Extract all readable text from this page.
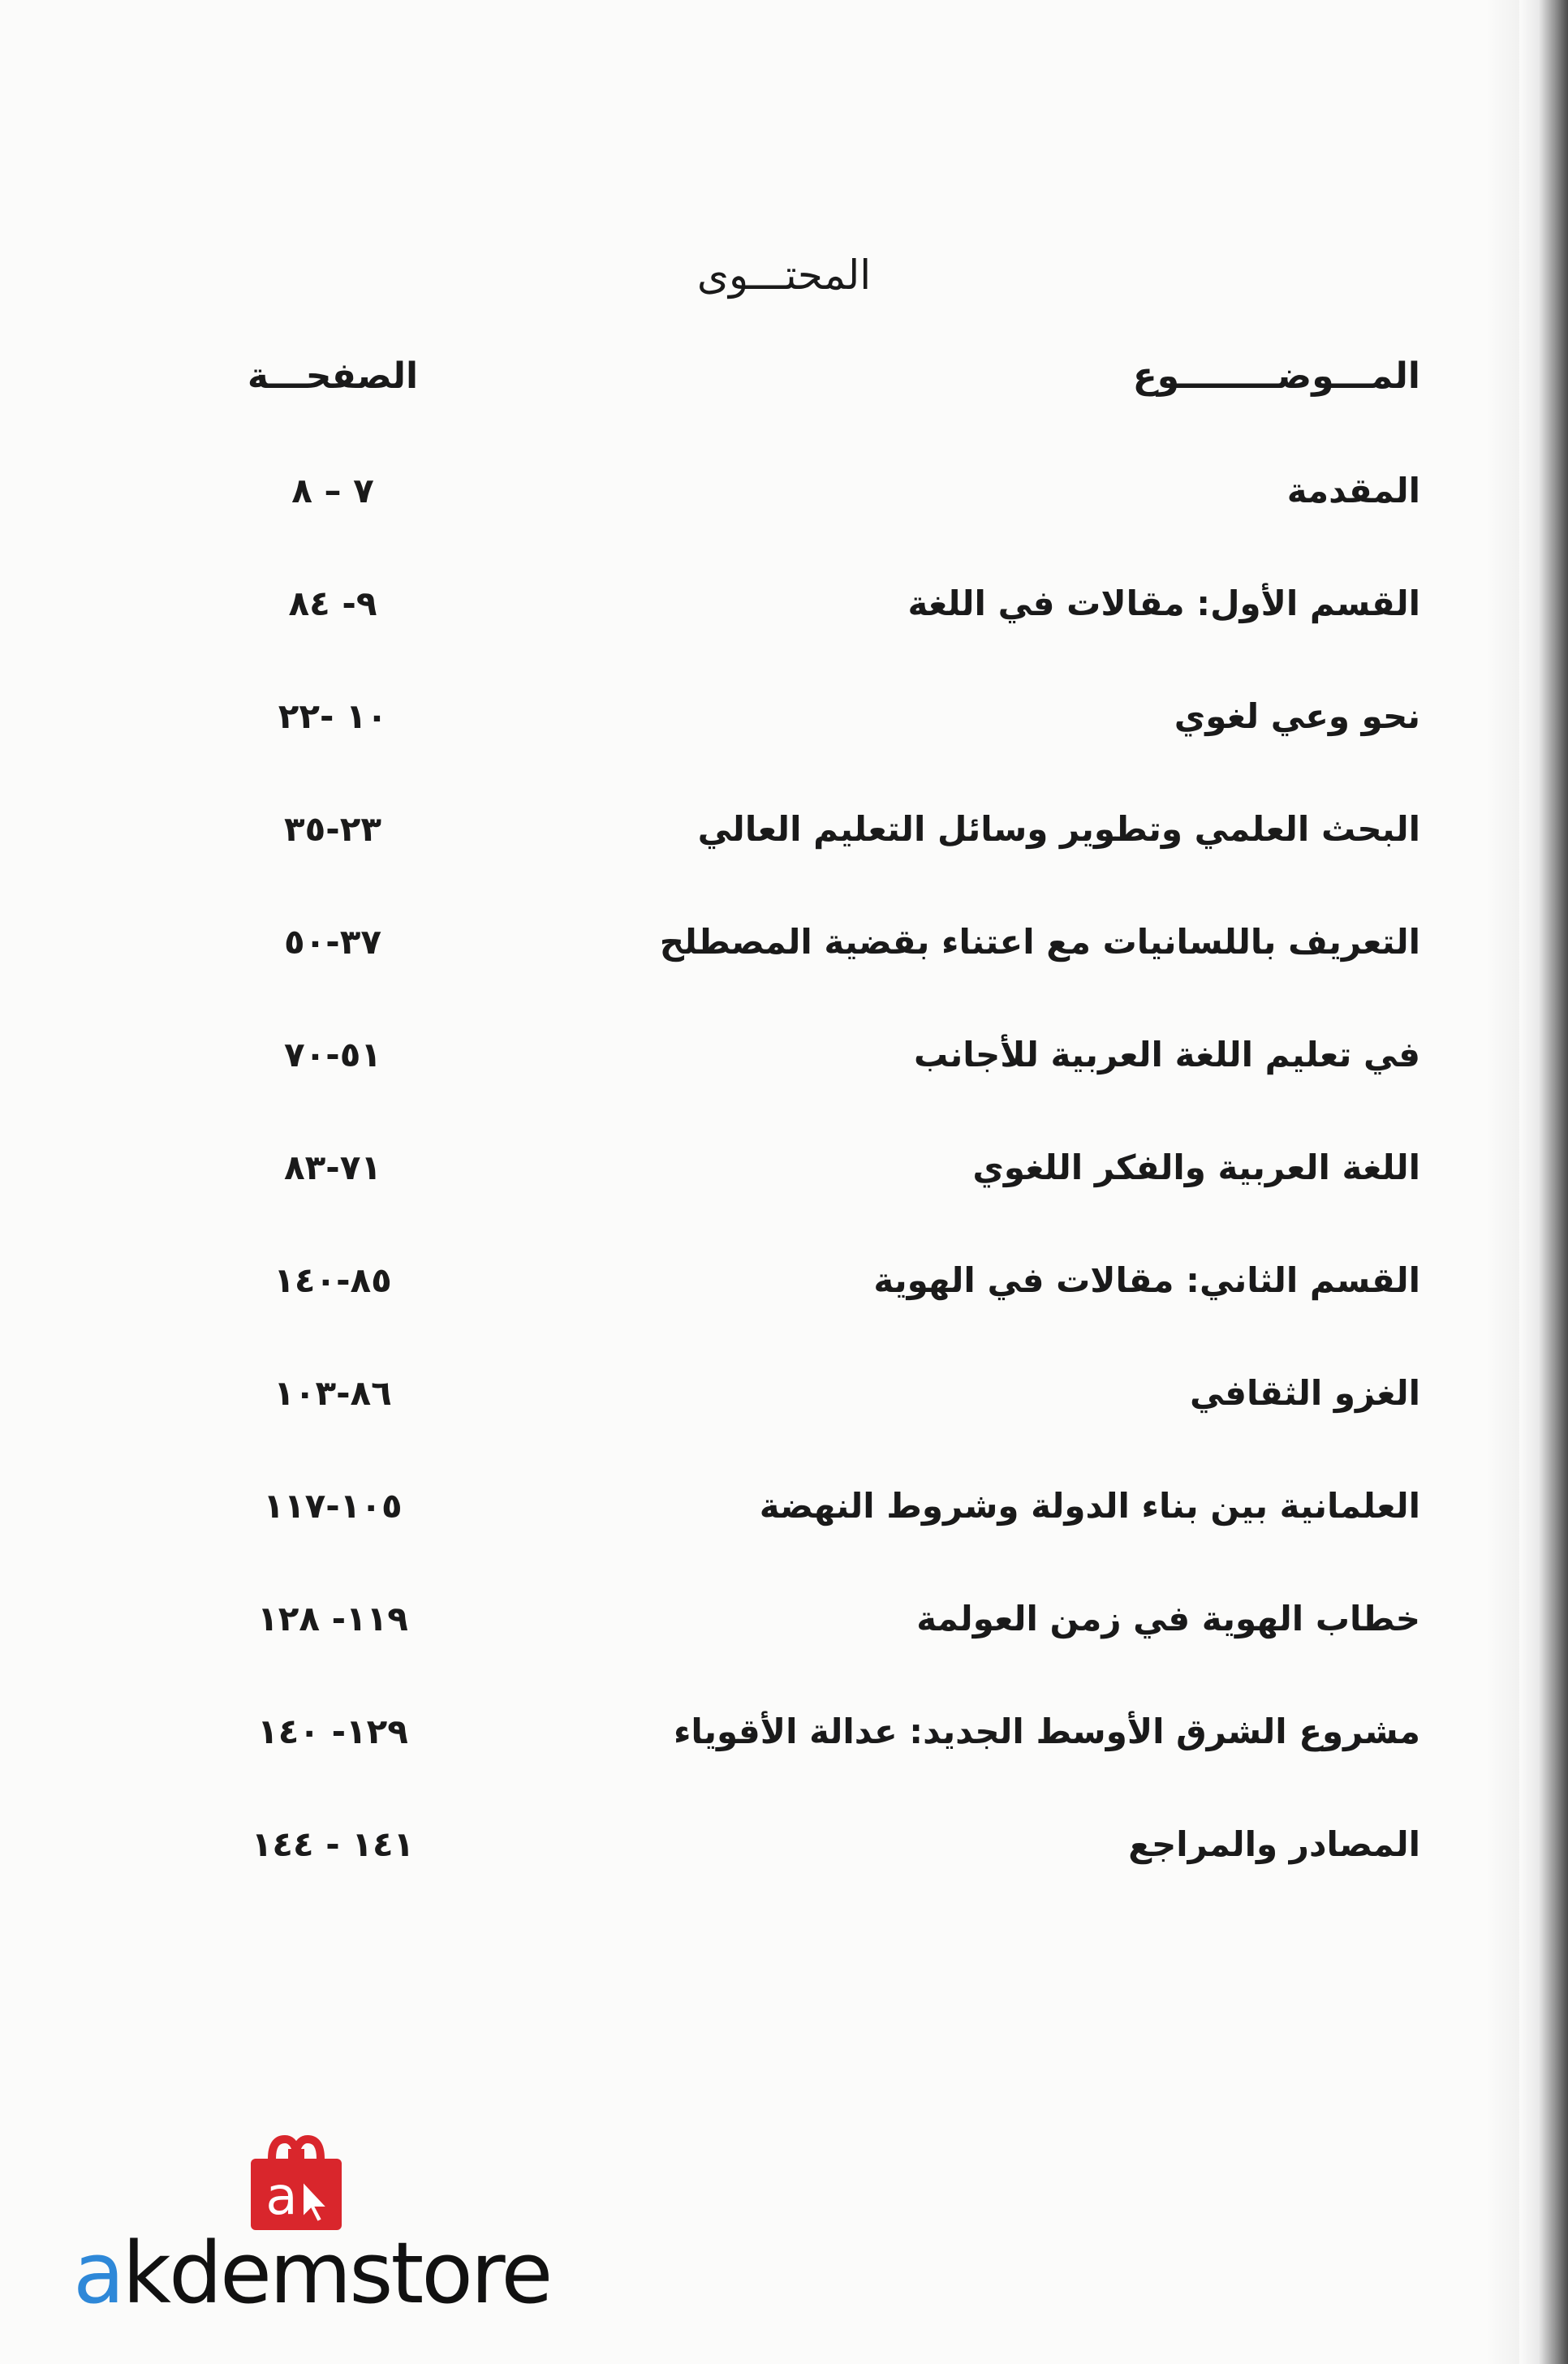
المحتـــوى
المـــوضــــــــوع
الصفحـــة
المقدمة
٧ – ٨
القسم الأول: مقالات في اللغة
٩- ٨٤
نحو وعي لغوي
١٠ -٢٢
البحث العلمي وتطوير وسائل التعليم العالي
٢٣-٣٥
التعريف باللسانيات مع اعتناء بقضية المصطلح
٣٧-٥٠
في تعليم اللغة العربية للأجانب
٥١-٧٠
اللغة العربية والفكر اللغوي
٧١-٨٣
القسم الثاني: مقالات في الهوية
٨٥-١٤٠
الغزو الثقافي
٨٦-١٠٣
العلمانية بين بناء الدولة وشروط النهضة
١٠٥-١١٧
خطاب الهوية في زمن العولمة
١١٩- ١٢٨
مشروع الشرق الأوسط الجديد: عدالة الأقوياء
١٢٩- ١٤٠
المصادر والمراجع
١٤١ - ١٤٤
a
akdemstore
